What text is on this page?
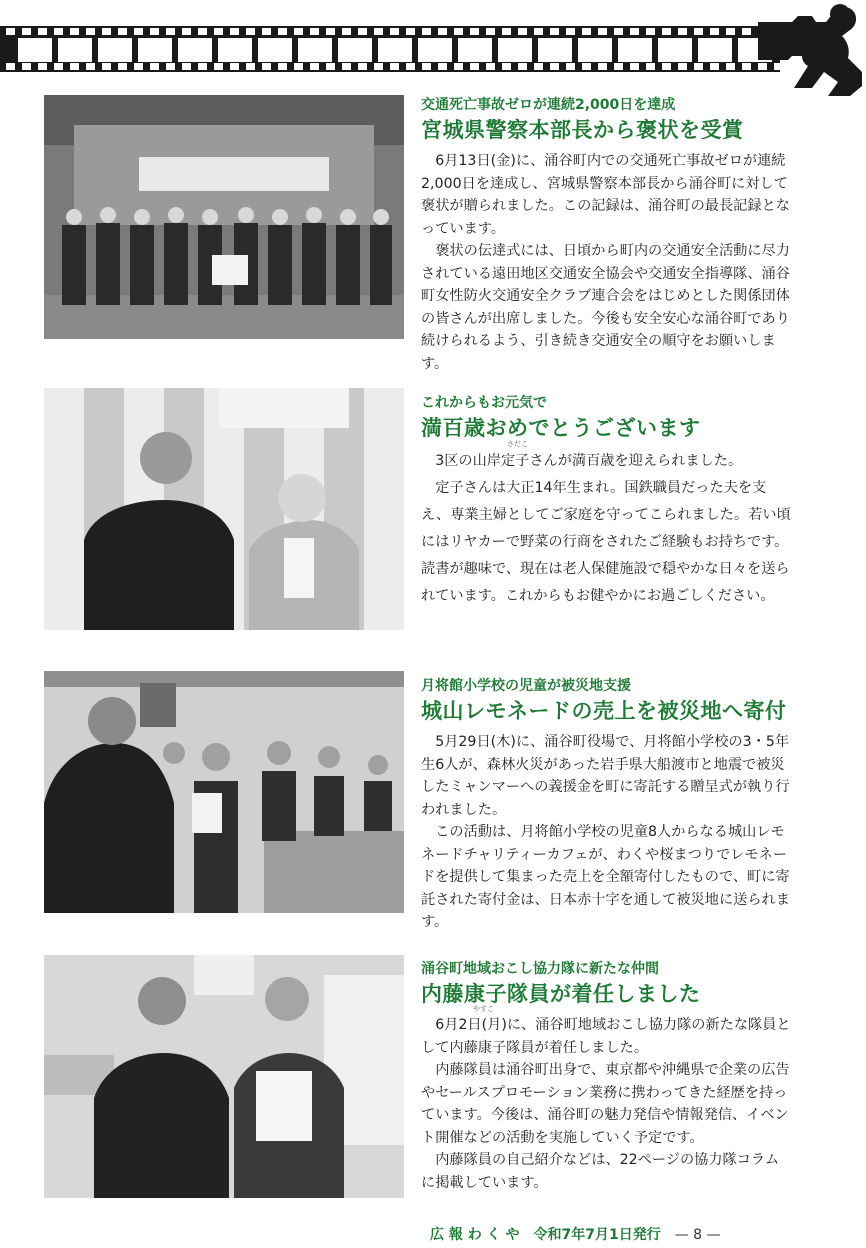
交通死亡事故ゼロが連続2,000日を達成
宮城県警察本部長から褒状を受賞

6月13日(金)に、涌谷町内での交通死亡事故ゼロが連続2,000日を達成し、宮城県警察本部長から涌谷町に対して褒状が贈られました。この記録は、涌谷町の最長記録となっています。

褒状の伝達式には、日頃から町内の交通安全活動に尽力されている遠田地区交通安全協会や交通安全指導隊、涌谷町女性防火交通安全クラブ連合会をはじめとした関係団体の皆さんが出席しました。今後も安全安心な涌谷町であり続けられるよう、引き続き交通安全の順守をお願いします。

これからもお元気で
満百歳おめでとうございます
さだこ

3区の山岸定子さんが満百歳を迎えられました。

定子さんは大正14年生まれ。国鉄職員だった夫を支え、専業主婦としてご家庭を守ってこられました。若い頃にはリヤカーで野菜の行商をされたご経験もお持ちです。読書が趣味で、現在は老人保健施設で穏やかな日々を送られています。これからもお健やかにお過ごしください。

月将館小学校の児童が被災地支援
城山レモネードの売上を被災地へ寄付

5月29日(木)に、涌谷町役場で、月将館小学校の3・5年生6人が、森林火災があった岩手県大船渡市と地震で被災したミャンマーへの義援金を町に寄託する贈呈式が執り行われました。

この活動は、月将館小学校の児童8人からなる城山レモネードチャリティーカフェが、わくや桜まつりでレモネードを提供して集まった売上を全額寄付したもので、町に寄託された寄付金は、日本赤十字を通して被災地に送られます。

涌谷町地域おこし協力隊に新たな仲間
内藤康子隊員が着任しました
やすこ

6月2日(月)に、涌谷町地域おこし協力隊の新たな隊員として内藤康子隊員が着任しました。

内藤隊員は涌谷町出身で、東京都や沖縄県で企業の広告やセールスプロモーション業務に携わってきた経歴を持っています。今後は、涌谷町の魅力発信や情報発信、イベント開催などの活動を実施していく予定です。

内藤隊員の自己紹介などは、22ページの協力隊コラムに掲載しています。

広 報 わ く や 令和7年7月1日発行 — 8 —
